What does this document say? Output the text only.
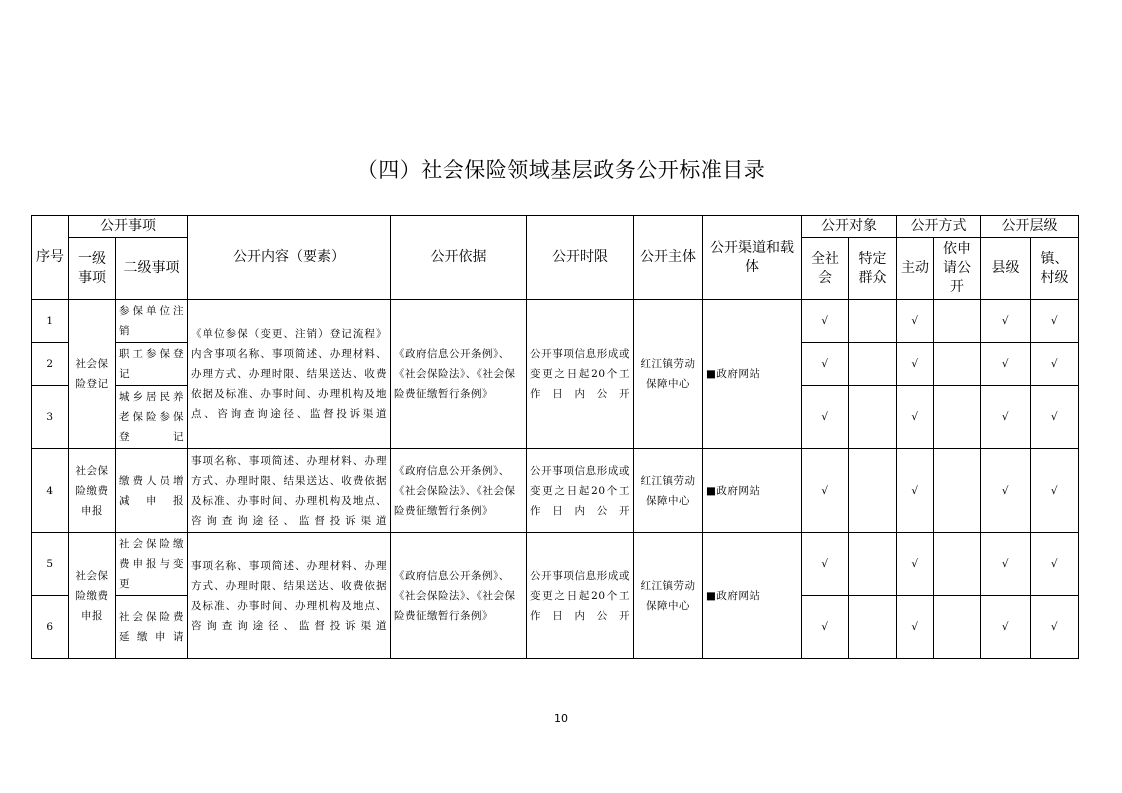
（四）社会保险领域基层政务公开标准目录
序号	公开事项		公开内容（要素）	公开依据	公开时限	公开主体	公开渠道和载体	公开对象		公开方式		公开层级	
	一级事项	二级事项						全社会	特定群众	主动	依申请公开	县级	镇、村级
1	社会保险登记	参保单位注销	《单位参保（变更、注销）登记流程》内含事项名称、事项简述、办理材料、办理方式、办理时限、结果送达、收费依据及标准、办事时间、办理机构及地点、咨询查询途径、监督投诉渠道	《政府信息公开条例》、《社会保险法》、《社会保险费征缴暂行条例》	公开事项信息形成或变更之日起20个工作日内公开	红江镇劳动保障中心	■政府网站	√		√		√	√
2		职工参保登记						√		√		√	√
3		城乡居民养老保险参保登记						√		√		√	√
4	社会保险缴费申报	缴费人员增减申报	事项名称、事项简述、办理材料、办理方式、办理时限、结果送达、收费依据及标准、办事时间、办理机构及地点、咨询查询途径、监督投诉渠道	《政府信息公开条例》、《社会保险法》、《社会保险费征缴暂行条例》	公开事项信息形成或变更之日起20个工作日内公开	红江镇劳动保障中心	■政府网站	√		√		√	√
5	社会保险缴费申报	社会保险缴费申报与变更	事项名称、事项简述、办理材料、办理方式、办理时限、结果送达、收费依据及标准、办事时间、办理机构及地点、咨询查询途径、监督投诉渠道	《政府信息公开条例》、《社会保险法》、《社会保险费征缴暂行条例》	公开事项信息形成或变更之日起20个工作日内公开	红江镇劳动保障中心	■政府网站	√		√		√	√
6		社会保险费延缴申请						√		√		√	√
10
